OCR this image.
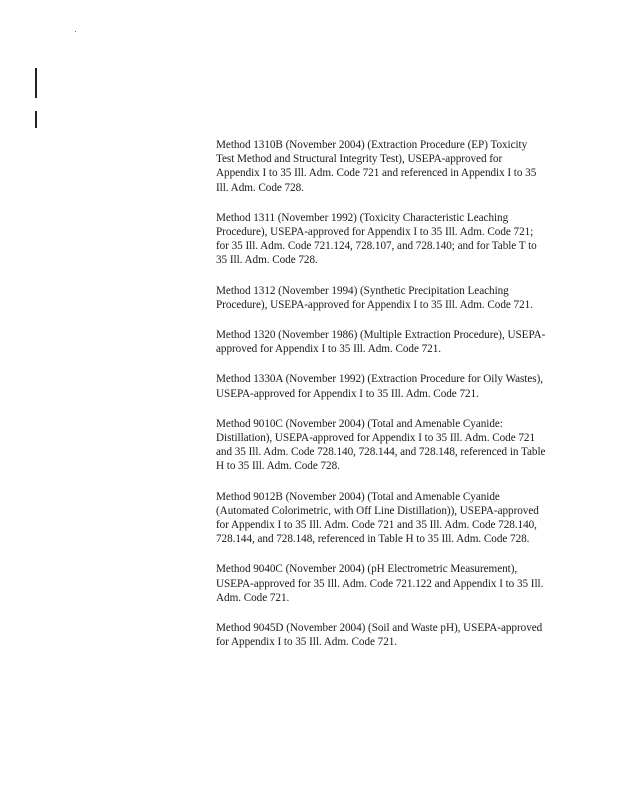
Method 1310B (November 2004) (Extraction Procedure (EP) Toxicity Test Method and Structural Integrity Test), USEPA-approved for Appendix I to 35 Ill. Adm. Code 721 and referenced in Appendix I to 35 Ill. Adm. Code 728.
Method 1311 (November 1992) (Toxicity Characteristic Leaching Procedure), USEPA-approved for Appendix I to 35 Ill. Adm. Code 721; for 35 Ill. Adm. Code 721.124, 728.107, and 728.140; and for Table T to 35 Ill. Adm. Code 728.
Method 1312 (November 1994) (Synthetic Precipitation Leaching Procedure), USEPA-approved for Appendix I to 35 Ill. Adm. Code 721.
Method 1320 (November 1986) (Multiple Extraction Procedure), USEPA-approved for Appendix I to 35 Ill. Adm. Code 721.
Method 1330A (November 1992) (Extraction Procedure for Oily Wastes), USEPA-approved for Appendix I to 35 Ill. Adm. Code 721.
Method 9010C (November 2004) (Total and Amenable Cyanide: Distillation), USEPA-approved for Appendix I to 35 Ill. Adm. Code 721 and 35 Ill. Adm. Code 728.140, 728.144, and 728.148, referenced in Table H to 35 Ill. Adm. Code 728.
Method 9012B (November 2004) (Total and Amenable Cyanide (Automated Colorimetric, with Off Line Distillation)), USEPA-approved for Appendix I to 35 Ill. Adm. Code 721 and 35 Ill. Adm. Code 728.140, 728.144, and 728.148, referenced in Table H to 35 Ill. Adm. Code 728.
Method 9040C (November 2004) (pH Electrometric Measurement), USEPA-approved for 35 Ill. Adm. Code 721.122 and Appendix I to 35 Ill. Adm. Code 721.
Method 9045D (November 2004) (Soil and Waste pH), USEPA-approved for Appendix I to 35 Ill. Adm. Code 721.
